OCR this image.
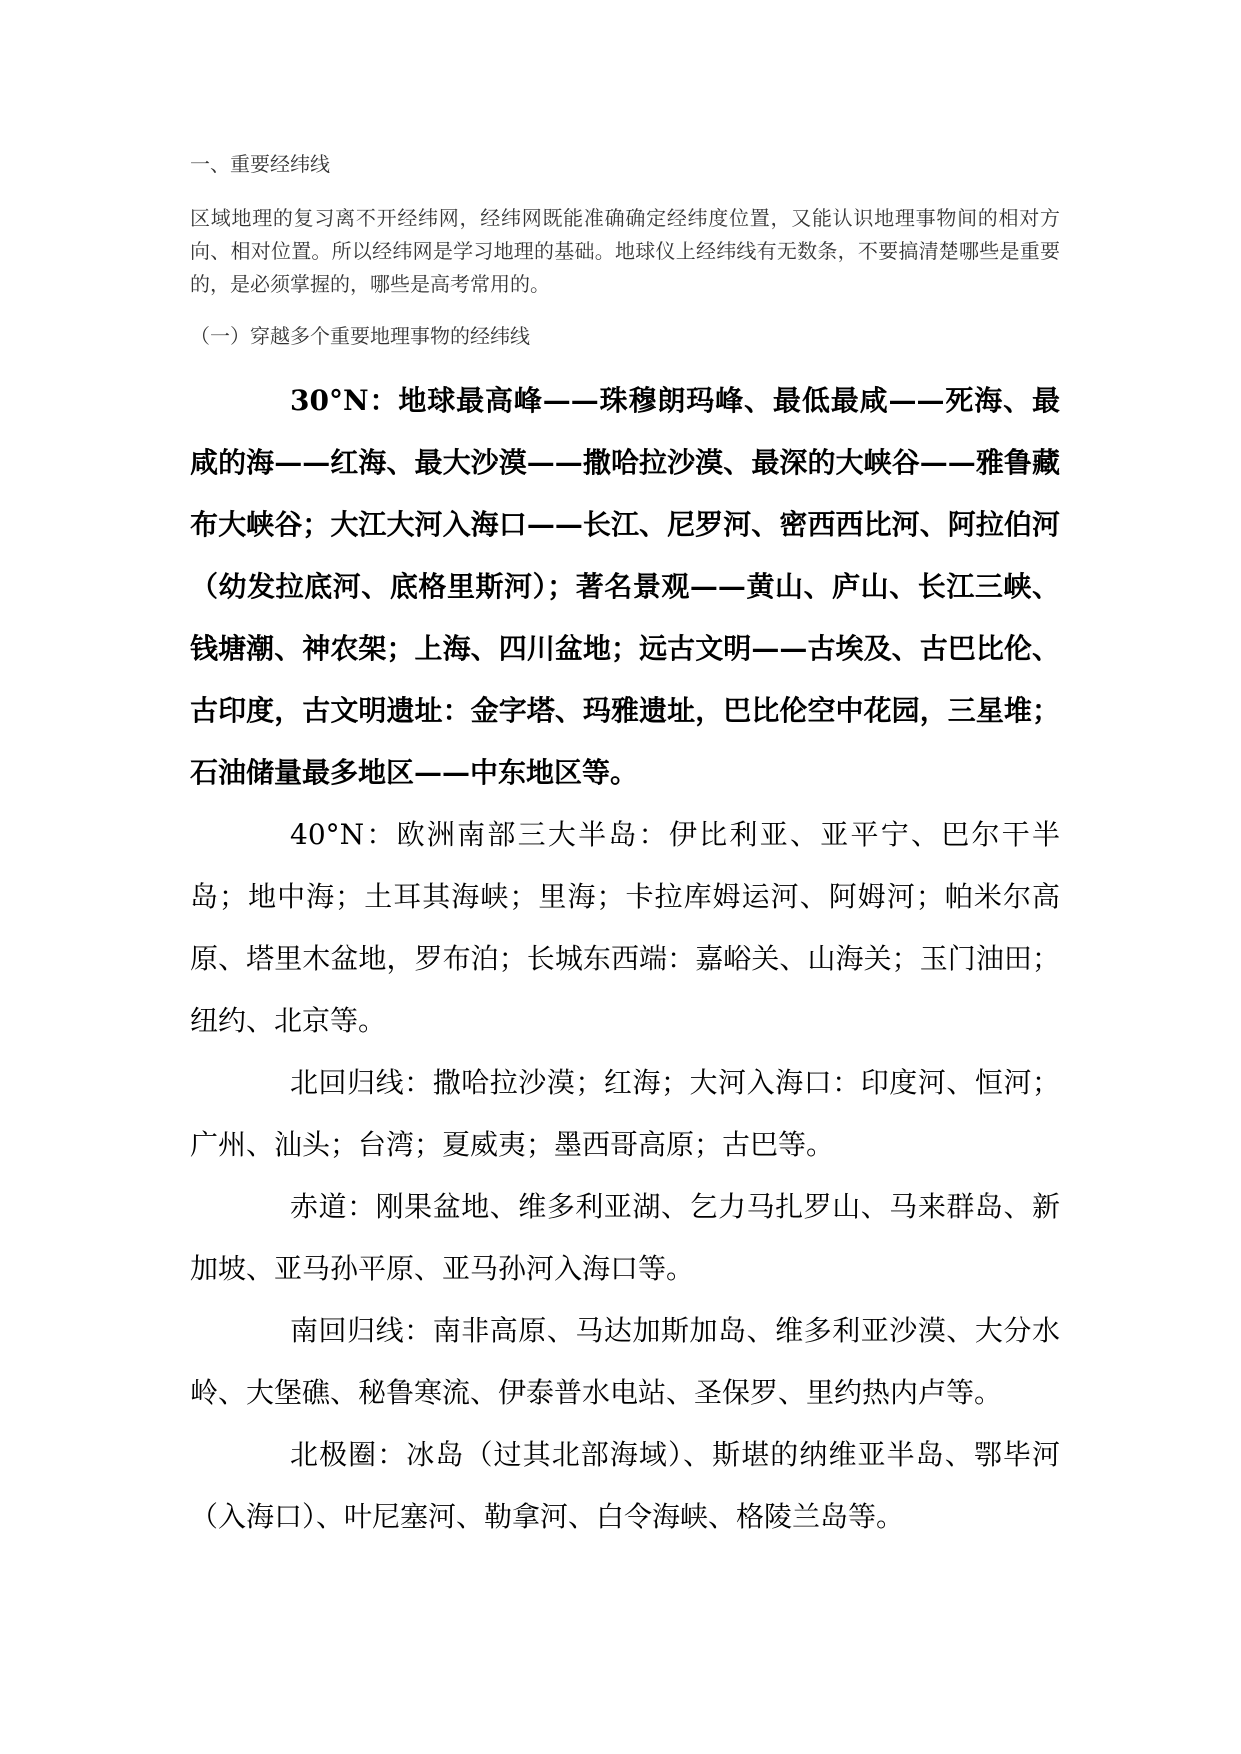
一、重要经纬线
区域地理的复习离不开经纬网，经纬网既能准确确定经纬度位置，又能认识地理事物间的相对方向、相对位置。所以经纬网是学习地理的基础。地球仪上经纬线有无数条，不要搞清楚哪些是重要的，是必须掌握的，哪些是高考常用的。
（一）穿越多个重要地理事物的经纬线

30°N：地球最高峰——珠穆朗玛峰、最低最咸——死海、最咸的海——红海、最大沙漠——撒哈拉沙漠、最深的大峡谷——雅鲁藏布大峡谷；大江大河入海口——长江、尼罗河、密西西比河、阿拉伯河（幼发拉底河、底格里斯河）；著名景观——黄山、庐山、长江三峡、钱塘潮、神农架；上海、四川盆地；远古文明——古埃及、古巴比伦、古印度，古文明遗址：金字塔、玛雅遗址，巴比伦空中花园，三星堆；石油储量最多地区——中东地区等。

40°N：欧洲南部三大半岛：伊比利亚、亚平宁、巴尔干半岛；地中海；土耳其海峡；里海；卡拉库姆运河、阿姆河；帕米尔高原、塔里木盆地，罗布泊；长城东西端：嘉峪关、山海关；玉门油田；纽约、北京等。

北回归线：撒哈拉沙漠；红海；大河入海口：印度河、恒河；广州、汕头；台湾；夏威夷；墨西哥高原；古巴等。

赤道：刚果盆地、维多利亚湖、乞力马扎罗山、马来群岛、新加坡、亚马孙平原、亚马孙河入海口等。

南回归线：南非高原、马达加斯加岛、维多利亚沙漠、大分水岭、大堡礁、秘鲁寒流、伊泰普水电站、圣保罗、里约热内卢等。

北极圈：冰岛（过其北部海域）、斯堪的纳维亚半岛、鄂毕河（入海口）、叶尼塞河、勒拿河、白令海峡、格陵兰岛等。
